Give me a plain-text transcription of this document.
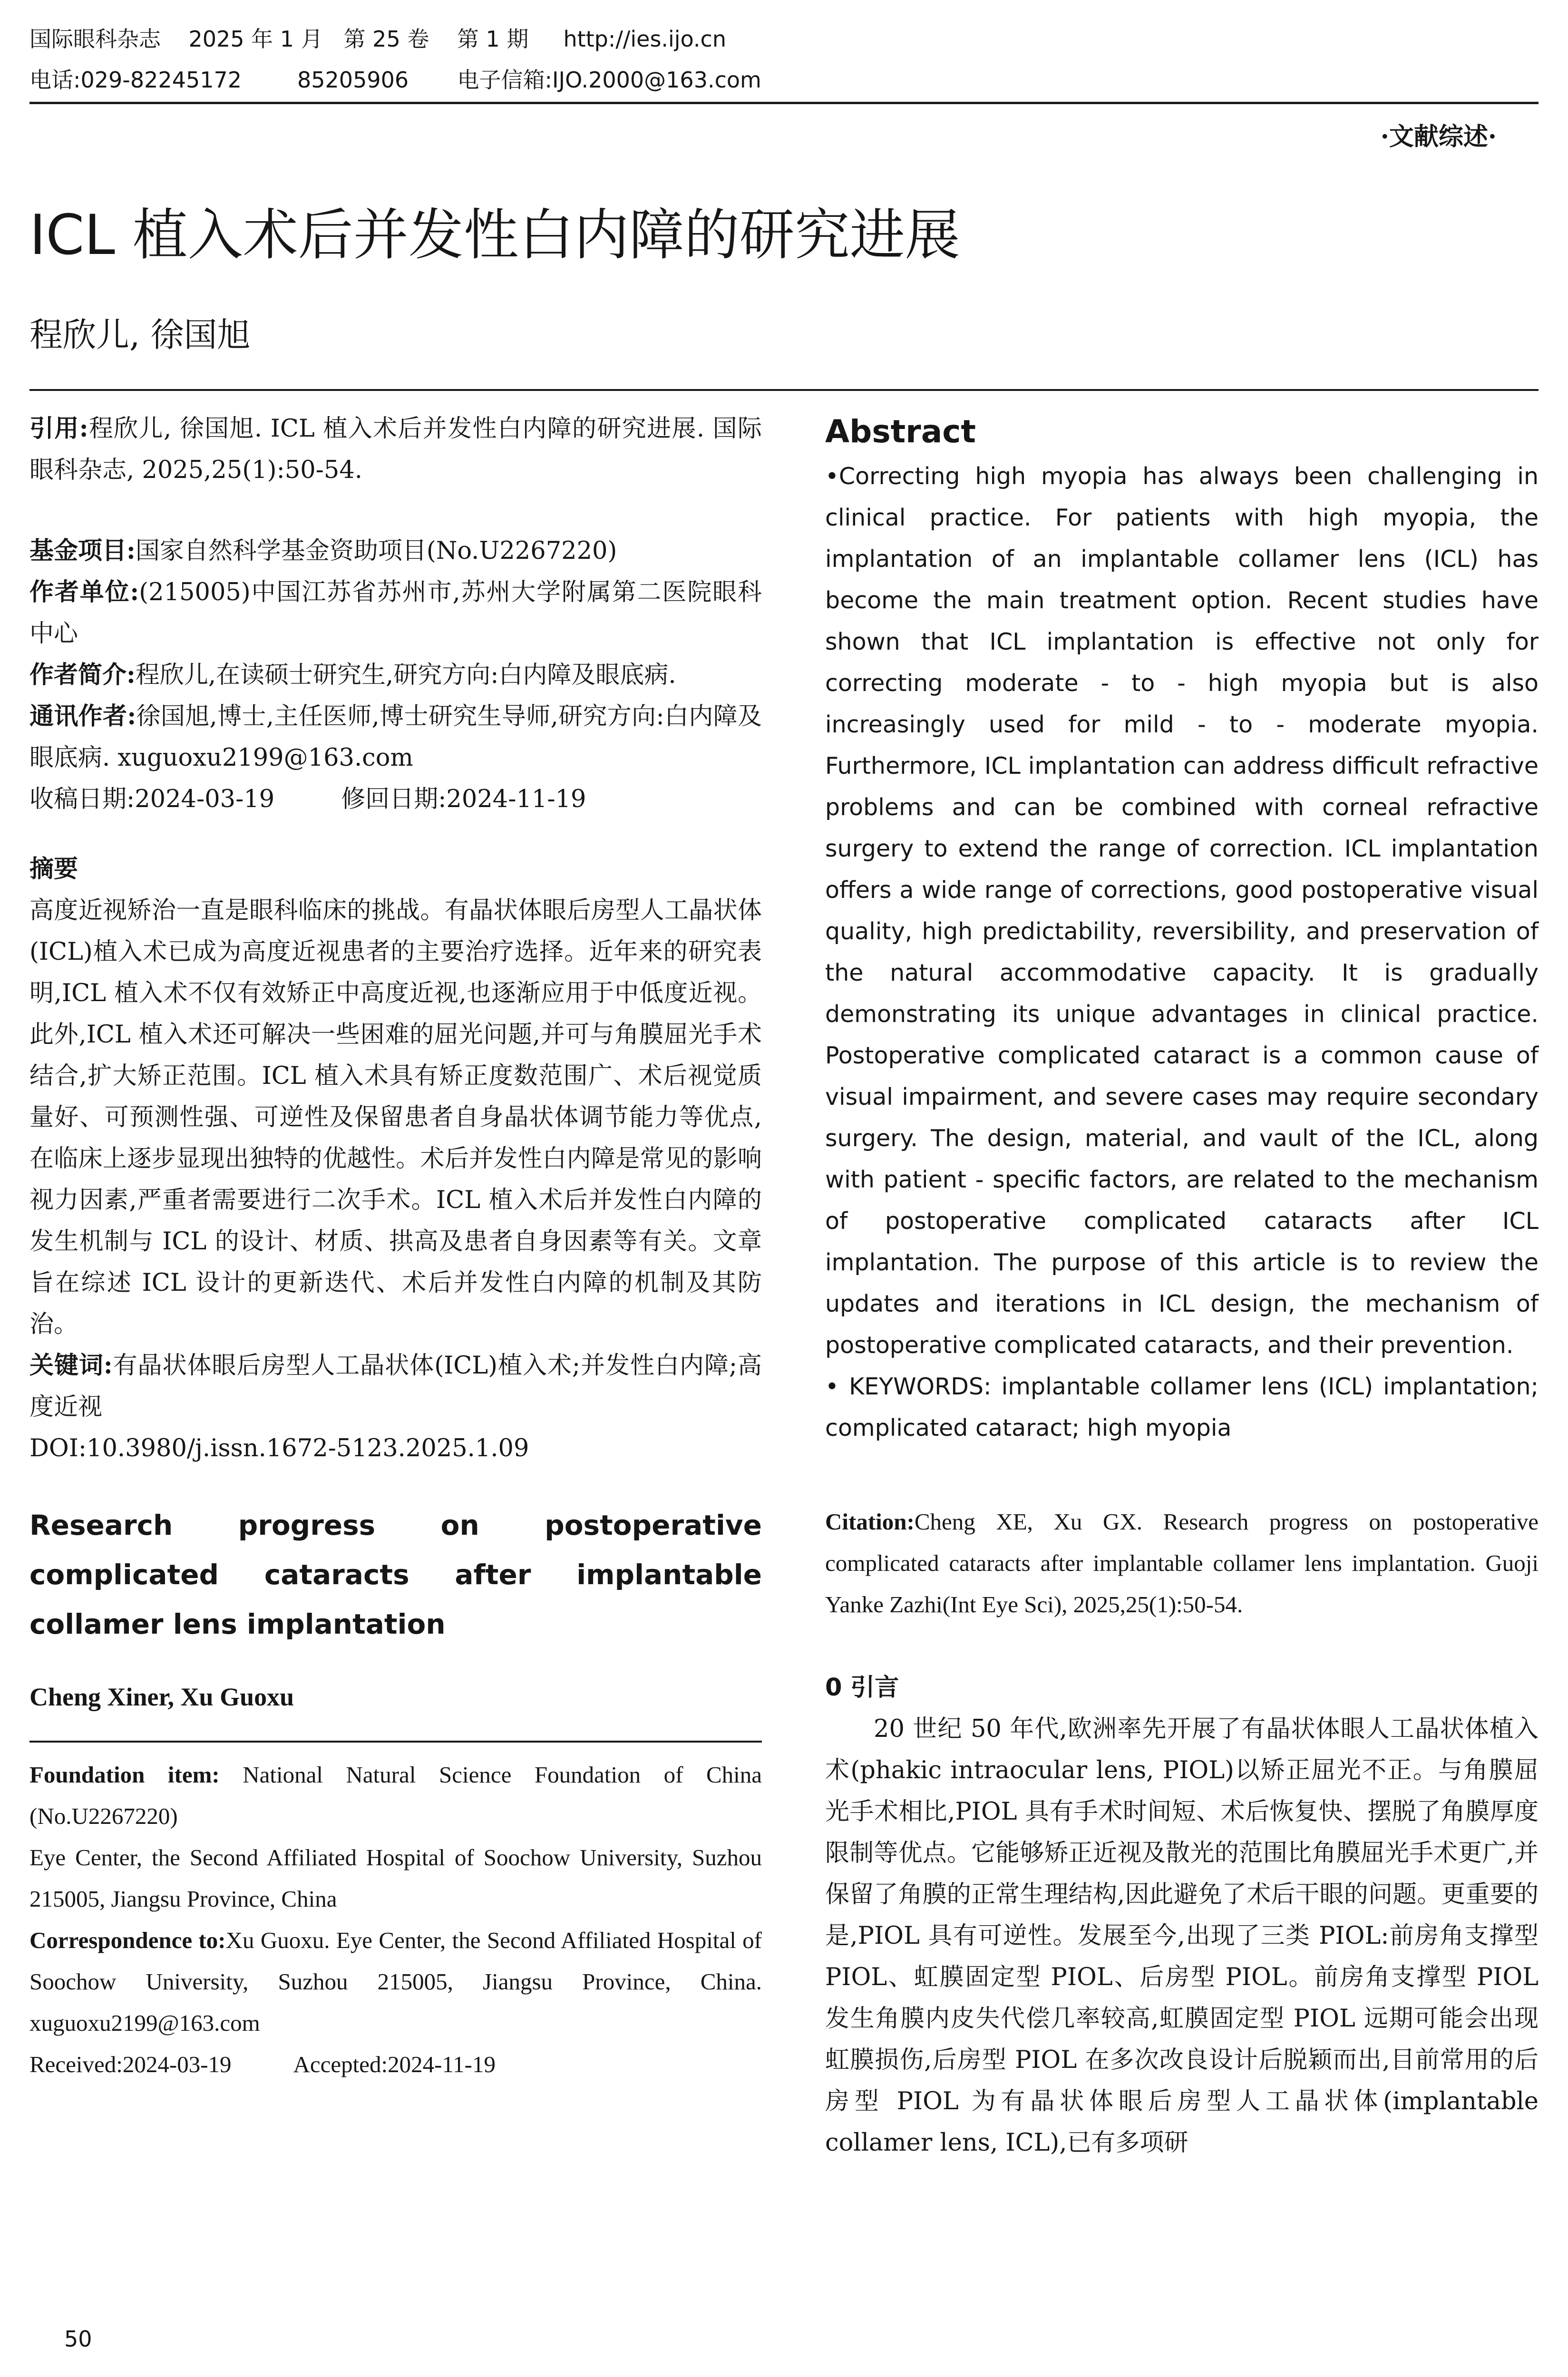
国际眼科杂志    2025 年 1 月   第 25 卷    第 1 期     http://ies.ijo.cn
电话:029-82245172        85205906       电子信箱:IJO.2000@163.com
·文献综述·
ICL 植入术后并发性白内障的研究进展
程欣儿, 徐国旭

引用:程欣儿, 徐国旭. ICL 植入术后并发性白内障的研究进展. 国际眼科杂志, 2025,25(1):50-54.

基金项目:国家自然科学基金资助项目(No.U2267220)

作者单位:(215005)中国江苏省苏州市,苏州大学附属第二医院眼科中心

作者简介:程欣儿,在读硕士研究生,研究方向:白内障及眼底病.

通讯作者:徐国旭,博士,主任医师,博士研究生导师,研究方向:白内障及眼底病. xuguoxu2199@163.com

收稿日期:2024-03-19	修回日期:2024-11-19

摘要

高度近视矫治一直是眼科临床的挑战。有晶状体眼后房型人工晶状体(ICL)植入术已成为高度近视患者的主要治疗选择。近年来的研究表明,ICL 植入术不仅有效矫正中高度近视,也逐渐应用于中低度近视。此外,ICL 植入术还可解决一些困难的屈光问题,并可与角膜屈光手术结合,扩大矫正范围。ICL 植入术具有矫正度数范围广、术后视觉质量好、可预测性强、可逆性及保留患者自身晶状体调节能力等优点,在临床上逐步显现出独特的优越性。术后并发性白内障是常见的影响视力因素,严重者需要进行二次手术。ICL 植入术后并发性白内障的发生机制与 ICL 的设计、材质、拱高及患者自身因素等有关。文章旨在综述 ICL 设计的更新迭代、术后并发性白内障的机制及其防治。

关键词:有晶状体眼后房型人工晶状体(ICL)植入术;并发性白内障;高度近视

DOI:10.3980/j.issn.1672-5123.2025.1.09

Research progress on postoperative complicated cataracts after implantable collamer lens implantation

Cheng Xiner, Xu Guoxu

Foundation item: National Natural Science Foundation of China (No.U2267220)

Eye Center, the Second Affiliated Hospital of Soochow University, Suzhou 215005, Jiangsu Province, China

Correspondence to:Xu Guoxu. Eye Center, the Second Affiliated Hospital of Soochow University, Suzhou 215005, Jiangsu Province, China. xuguoxu2199@163.com

Received:2024-03-19	Accepted:2024-11-19

Abstract

•Correcting high myopia has always been challenging in clinical practice. For patients with high myopia, the implantation of an implantable collamer lens (ICL) has become the main treatment option. Recent studies have shown that ICL implantation is effective not only for correcting moderate - to - high myopia but is also increasingly used for mild - to - moderate myopia. Furthermore, ICL implantation can address difficult refractive problems and can be combined with corneal refractive surgery to extend the range of correction. ICL implantation offers a wide range of corrections, good postoperative visual quality, high predictability, reversibility, and preservation of the natural accommodative capacity. It is gradually demonstrating its unique advantages in clinical practice. Postoperative complicated cataract is a common cause of visual impairment, and severe cases may require secondary surgery. The design, material, and vault of the ICL, along with patient - specific factors, are related to the mechanism of postoperative complicated cataracts after ICL implantation. The purpose of this article is to review the updates and iterations in ICL design, the mechanism of postoperative complicated cataracts, and their prevention.

• KEYWORDS: implantable collamer lens (ICL) implantation; complicated cataract; high myopia

Citation:Cheng XE, Xu GX. Research progress on postoperative complicated cataracts after implantable collamer lens implantation. Guoji Yanke Zazhi(Int Eye Sci), 2025,25(1):50-54.

0 引言

20 世纪 50 年代,欧洲率先开展了有晶状体眼人工晶状体植入术(phakic intraocular lens, PIOL)以矫正屈光不正。与角膜屈光手术相比,PIOL 具有手术时间短、术后恢复快、摆脱了角膜厚度限制等优点。它能够矫正近视及散光的范围比角膜屈光手术更广,并保留了角膜的正常生理结构,因此避免了术后干眼的问题。更重要的是,PIOL 具有可逆性。发展至今,出现了三类 PIOL:前房角支撑型 PIOL、虹膜固定型 PIOL、后房型 PIOL。前房角支撑型 PIOL 发生角膜内皮失代偿几率较高,虹膜固定型 PIOL 远期可能会出现虹膜损伤,后房型 PIOL 在多次改良设计后脱颖而出,目前常用的后房型 PIOL 为有晶状体眼后房型人工晶状体(implantable collamer lens, ICL),已有多项研

50
